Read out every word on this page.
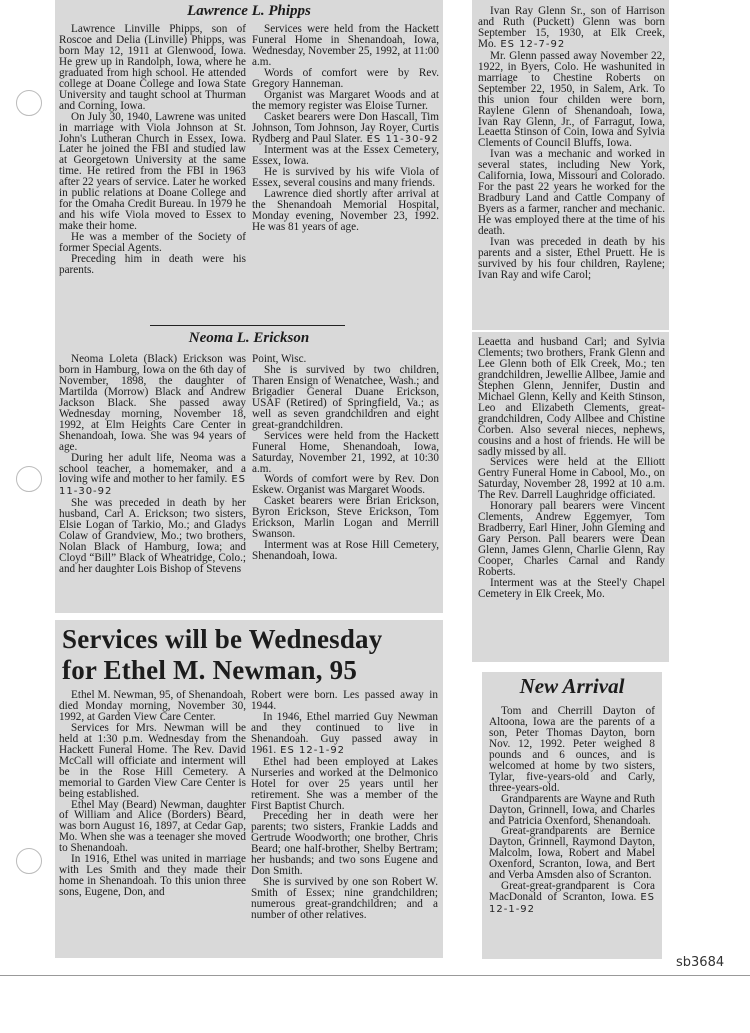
Lawrence L. Phipps

Lawrence Linville Phipps, son of Roscoe and Delia (Linville) Phipps, was born May 12, 1911 at Glenwood, Iowa. He grew up in Randolph, Iowa, where he graduated from high school. He attended college at Doane College and Iowa State University and taught school at Thurman and Corning, Iowa.

On July 30, 1940, Lawrene was united in marriage with Viola Johnson at St. John's Lutheran Church in Essex, Iowa. Later he joined the FBI and studied law at Georgetown University at the same time. He retired from the FBI in 1963 after 22 years of service. Later he worked in public relations at Doane College and for the Omaha Credit Bureau. In 1979 he and his wife Viola moved to Essex to make their home.

He was a member of the Society of former Special Agents.

Preceding him in death were his parents.

Services were held from the Hackett Funeral Home in Shenandoah, Iowa, Wednesday, November 25, 1992, at 11:00 a.m.

Words of comfort were by Rev. Gregory Hanneman.

Organist was Margaret Woods and at the memory register was Eloise Turner.

Casket bearers were Don Hascall, Tim Johnson, Tom Johnson, Jay Royer, Curtis Rydberg and Paul Slater. ES 11-30-92

Interment was at the Essex Cemetery, Essex, Iowa.

He is survived by his wife Viola of Essex, several cousins and many friends.

Lawrence died shortly after arrival at the Shenandoah Memorial Hospital, Monday evening, November 23, 1992. He was 81 years of age.

Neoma L. Erickson

Neoma Loleta (Black) Erickson was born in Hamburg, Iowa on the 6th day of November, 1898, the daughter of Martilda (Morrow) Black and Andrew Jackson Black. She passed away Wednesday morning, November 18, 1992, at Elm Heights Care Center in Shenandoah, Iowa. She was 94 years of age.

During her adult life, Neoma was a school teacher, a homemaker, and a loving wife and mother to her family. ES 11-30-92

She was preceded in death by her husband, Carl A. Erickson; two sisters, Elsie Logan of Tarkio, Mo.; and Gladys Colaw of Grandview, Mo.; two brothers, Nolan Black of Hamburg, Iowa; and Cloyd “Bill” Black of Wheatridge, Colo.; and her daughter Lois Bishop of Stevens

Point, Wisc.

She is survived by two children, Tharen Ensign of Wenatchee, Wash.; and Brigadier General Duane Erickson, USAF (Retired) of Springfield, Va.; as well as seven grandchildren and eight great-grandchildren.

Services were held from the Hackett Funeral Home, Shenandoah, Iowa, Saturday, November 21, 1992, at 10:30 a.m.

Words of comfort were by Rev. Don Eskew. Organist was Margaret Woods.

Casket bearers were Brian Erickson, Byron Erickson, Steve Erickson, Tom Erickson, Marlin Logan and Merrill Swanson.

Interment was at Rose Hill Cemetery, Shenandoah, Iowa.

Services will be Wednesday
for Ethel M. Newman, 95

Ethel M. Newman, 95, of Shenandoah, died Monday morning, November 30, 1992, at Garden View Care Center.

Services for Mrs. Newman will be held at 1:30 p.m. Wednesday from the Hackett Funeral Home. The Rev. David McCall will officiate and interment will be in the Rose Hill Cemetery. A memorial to Garden View Care Center is being established.

Ethel May (Beard) Newman, daughter of William and Alice (Borders) Beard, was born August 16, 1897, at Cedar Gap, Mo. When she was a teenager she moved to Shenandoah.

In 1916, Ethel was united in marriage with Les Smith and they made their home in Shenandoah. To this union three sons, Eugene, Don, and

Robert were born. Les passed away in 1944.

In 1946, Ethel married Guy Newman and they continued to live in Shenandoah. Guy passed away in 1961. ES 12-1-92

Ethel had been employed at Lakes Nurseries and worked at the Delmonico Hotel for over 25 years until her retirement. She was a member of the First Baptist Church.

Preceding her in death were her parents; two sisters, Frankie Ladds and Gertrude Woodworth; one brother, Chris Beard; one half-brother, Shelby Bertram; her husbands; and two sons Eugene and Don Smith.

She is survived by one son Robert W. Smith of Essex; nine grandchildren; numerous great-grandchildren; and a number of other relatives.

Ivan Ray Glenn Sr., son of Harrison and Ruth (Puckett) Glenn was born September 15, 1930, at Elk Creek, Mo. ES 12-7-92

Mr. Glenn passed away November 22, 1922, in Byers, Colo. He washunited in marriage to Chestine Roberts on September 22, 1950, in Salem, Ark. To this union four childen were born, Raylene Glenn of Shenandoah, Iowa, Ivan Ray Glenn, Jr., of Farragut, Iowa, Leaetta Stinson of Coin, Iowa and Sylvia Clements of Council Bluffs, Iowa.

Ivan was a mechanic and worked in several states, including New York, California, Iowa, Missouri and Colorado. For the past 22 years he worked for the Bradbury Land and Cattle Company of Byers as a farmer, rancher and mechanic. He was employed there at the time of his death.

Ivan was preceded in death by his parents and a sister, Ethel Pruett. He is survived by his four children, Raylene; Ivan Ray and wife Carol;

Leaetta and husband Carl; and Sylvia Clements; two brothers, Frank Glenn and Lee Glenn both of Elk Creek, Mo.; ten grandchildren, Jewellie Allbee, Jamie and Stephen Glenn, Jennifer, Dustin and Michael Glenn, Kelly and Keith Stinson, Leo and Elizabeth Clements, great-grandchildren, Cody Allbee and Chistine Corben. Also several nieces, nephews, cousins and a host of friends. He will be sadly missed by all.

Services were held at the Elliott Gentry Funeral Home in Cabool, Mo., on Saturday, November 28, 1992 at 10 a.m. The Rev. Darrell Laughridge officiated.

Honorary pall bearers were Vincent Clements, Andrew Eggemyer, Tom Bradberry, Earl Hiner, John Gleming and Gary Person. Pall bearers were Dean Glenn, James Glenn, Charlie Glenn, Ray Cooper, Charles Carnal and Randy Roberts.

Interment was at the Steel'y Chapel Cemetery in Elk Creek, Mo.

New Arrival

Tom and Cherrill Dayton of Altoona, Iowa are the parents of a son, Peter Thomas Dayton, born Nov. 12, 1992. Peter weighed 8 pounds and 6 ounces, and is welcomed at home by two sisters, Tylar, five-years-old and Carly, three-years-old.

Grandparents are Wayne and Ruth Dayton, Grinnell, Iowa, and Charles and Patricia Oxenford, Shenandoah.

Great-grandparents are Bernice Dayton, Grinnell, Raymond Dayton, Malcolm, Iowa, Robert and Mabel Oxenford, Scranton, Iowa, and Bert and Verba Amsden also of Scranton.

Great-great-grandparent is Cora MacDonald of Scranton, Iowa. ES 12-1-92

sb3684
